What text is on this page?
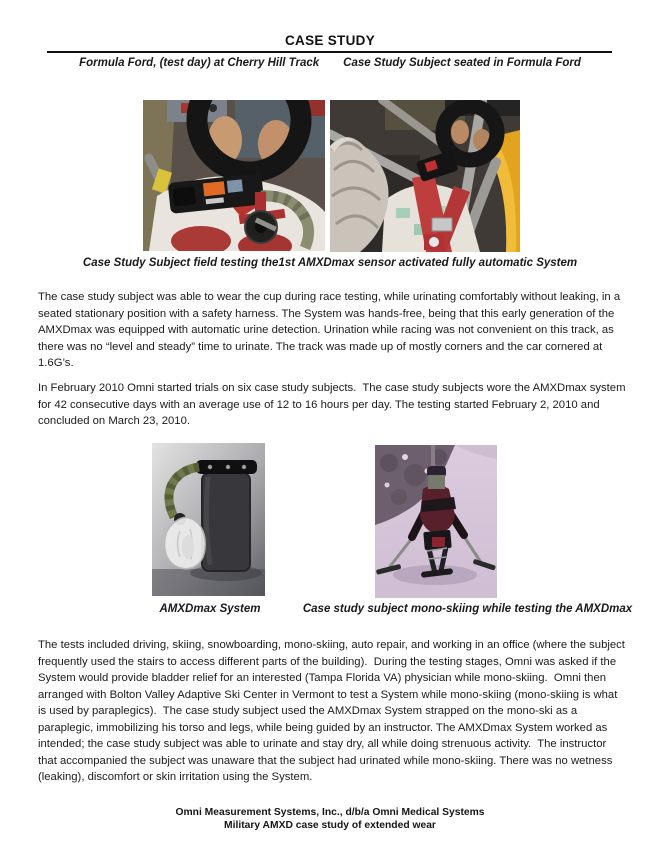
CASE STUDY
Formula Ford, (test day) at Cherry Hill Track Case Study Subject seated in Formula Ford
Case Study Subject field testing the1st AMXDmax sensor activated fully automatic System
The case study subject was able to wear the cup during race testing, while urinating comfortably without leaking, in a seated stationary position with a safety harness. The System was hands-free, being that this early generation of the AMXDmax was equipped with automatic urine detection. Urination while racing was not convenient on this track, as there was no “level and steady” time to urinate. The track was made up of mostly corners and the car cornered at 1.6G’s.
In February 2010 Omni started trials on six case study subjects.  The case study subjects wore the AMXDmax system for 42 consecutive days with an average use of 12 to 16 hours per day. The testing started February 2, 2010 and concluded on March 23, 2010.
AMXDmax System	Case study subject mono-skiing while testing the AMXDmax
The tests included driving, skiing, snowboarding, mono-skiing, auto repair, and working in an office (where the subject frequently used the stairs to access different parts of the building).  During the testing stages, Omni was asked if the System would provide bladder relief for an interested (Tampa Florida VA) physician while mono-skiing.  Omni then arranged with Bolton Valley Adaptive Ski Center in Vermont to test a System while mono-skiing (mono-skiing is what is used by paraplegics).  The case study subject used the AMXDmax System strapped on the mono-ski as a paraplegic, immobilizing his torso and legs, while being guided by an instructor. The AMXDmax System worked as intended; the case study subject was able to urinate and stay dry, all while doing strenuous activity.  The instructor that accompanied the subject was unaware that the subject had urinated while mono-skiing. There was no wetness (leaking), discomfort or skin irritation using the System.
Omni Measurement Systems, Inc., d/b/a Omni Medical Systems
Military AMXD case study of extended wear
